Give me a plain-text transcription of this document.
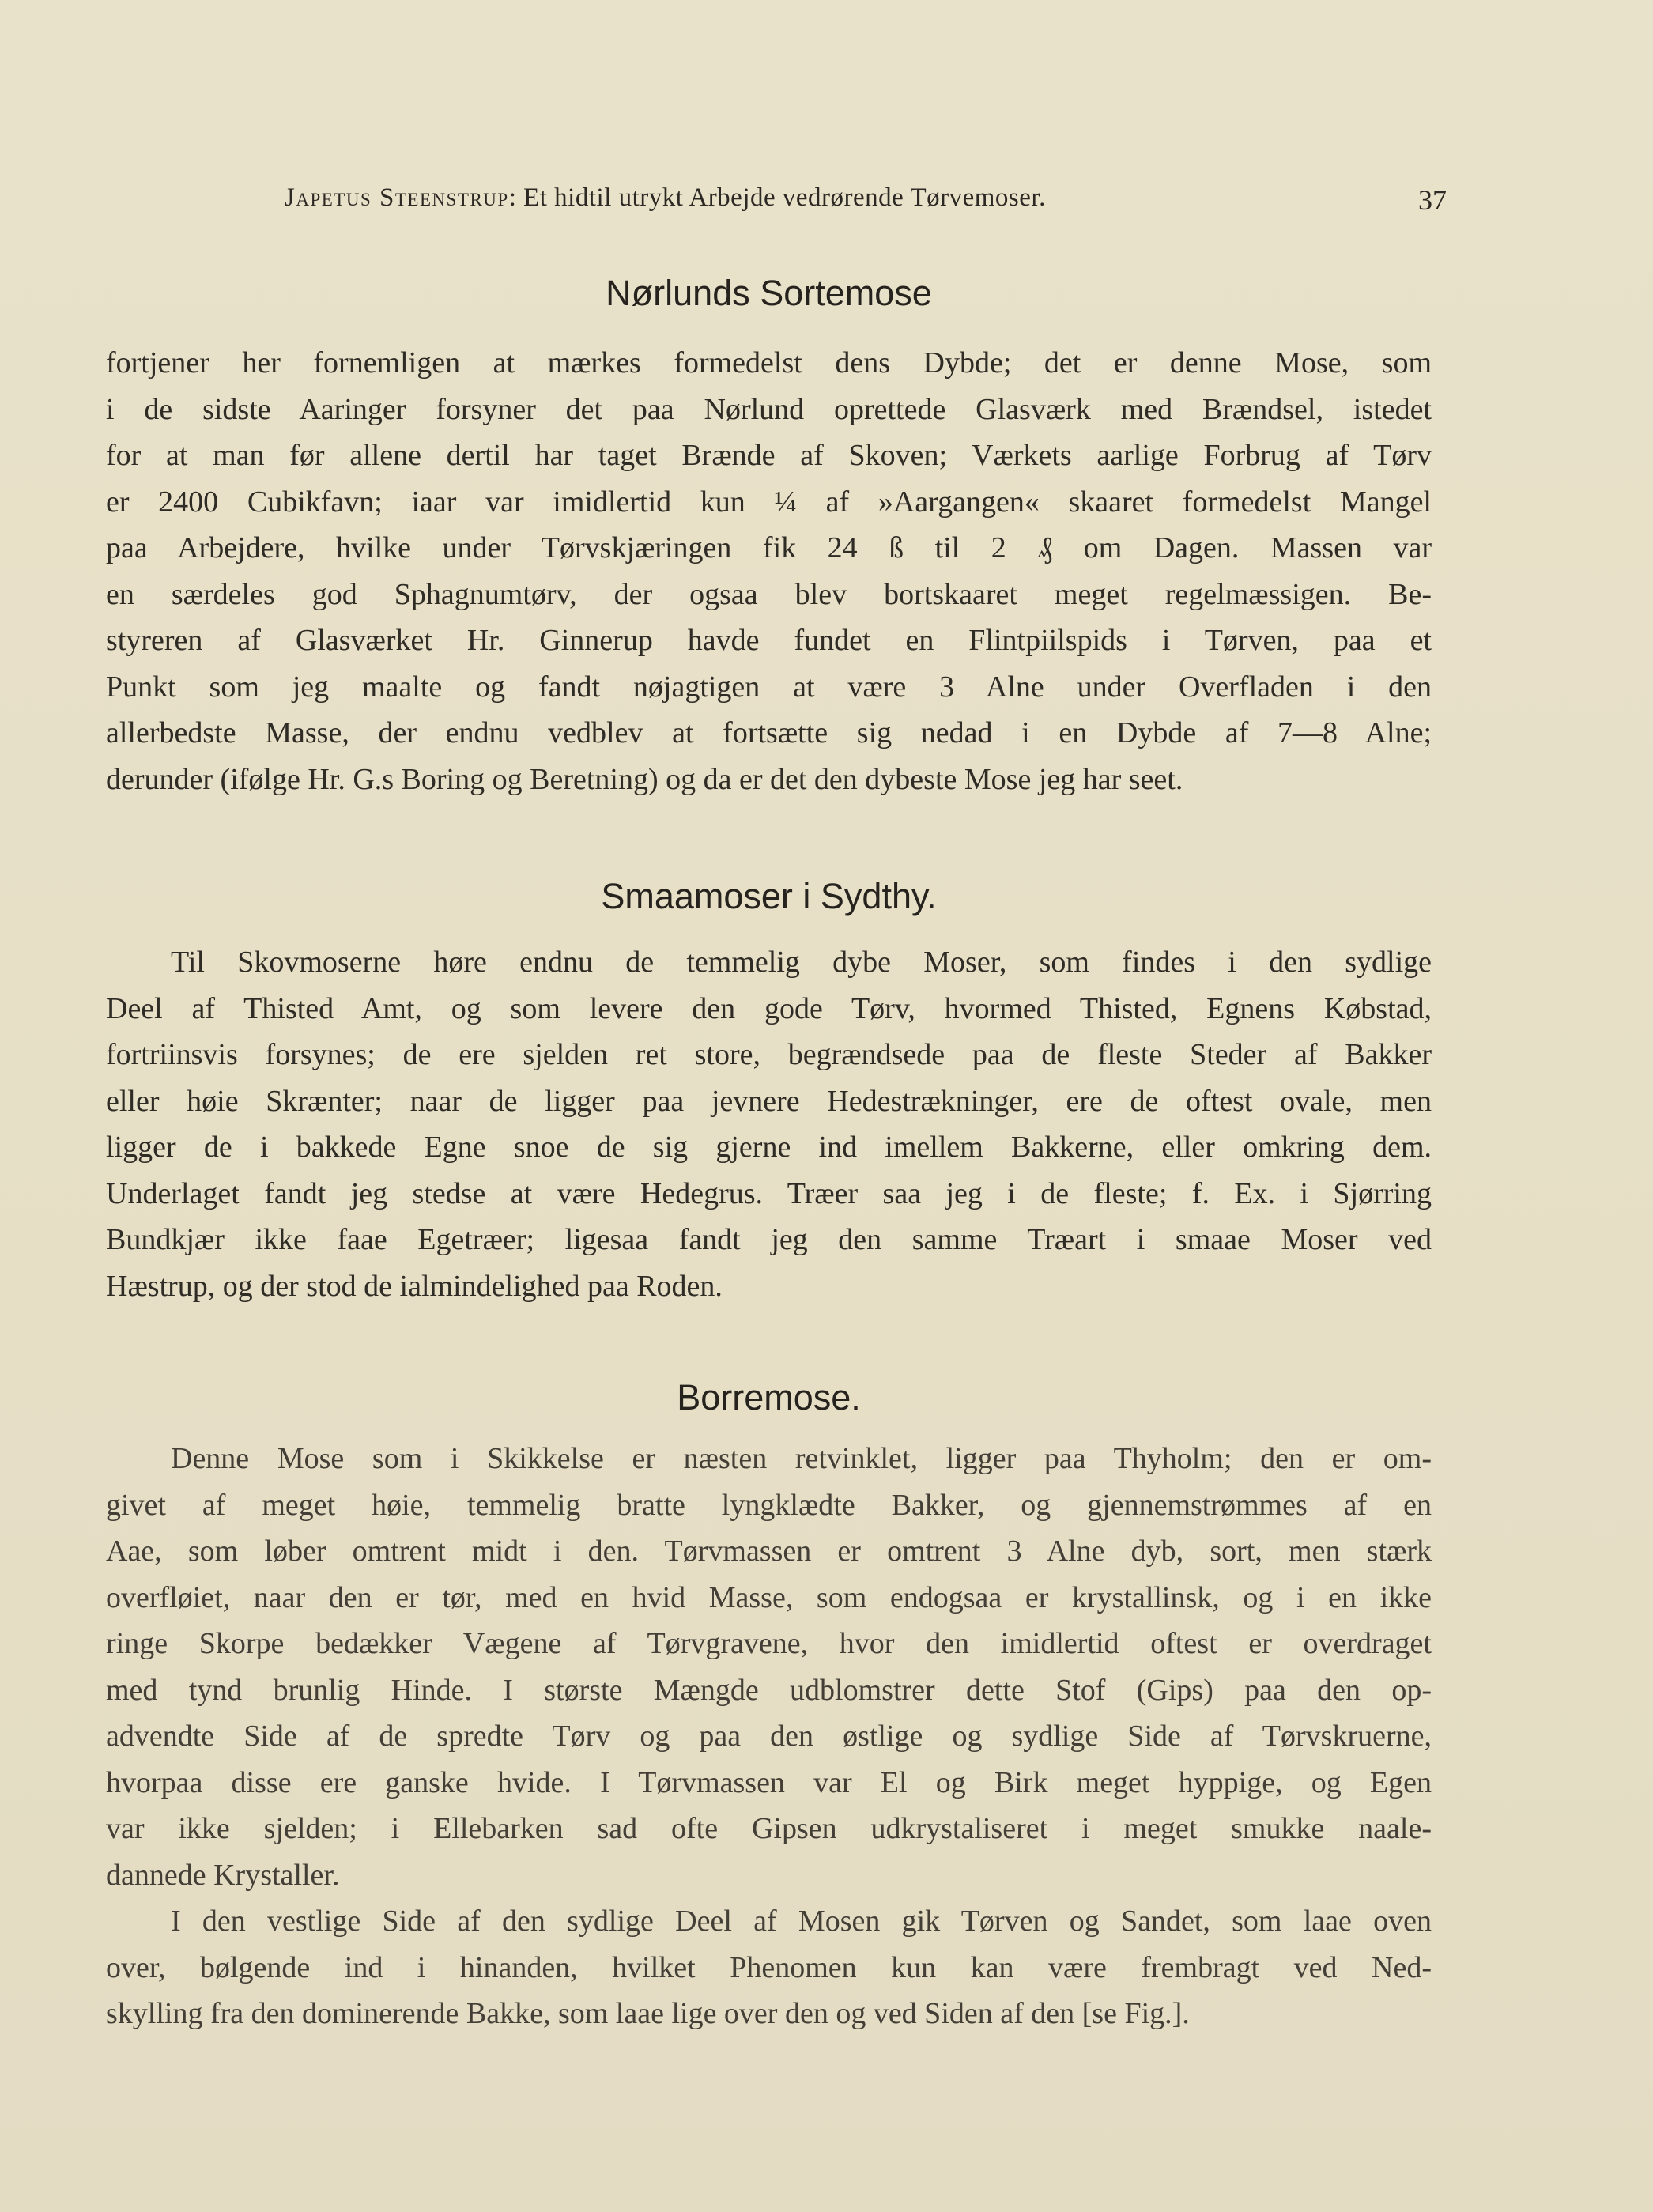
Japetus Steenstrup: Et hidtil utrykt Arbejde vedrørende Tørvemoser.	37
Nørlunds Sortemose
fortjener her fornemligen at mærkes formedelst dens Dybde; det er denne Mose, som
i de sidste Aaringer forsyner det paa Nørlund oprettede Glasværk med Brændsel, istedet
for at man før allene dertil har taget Brænde af Skoven; Værkets aarlige Forbrug af Tørv
er 2400 Cubikfavn; iaar var imidlertid kun ¼ af »Aargangen« skaaret formedelst Mangel
paa Arbejdere, hvilke under Tørvskjæringen fik 24 ß til 2 ₰ om Dagen. Massen var
en særdeles god Sphagnumtørv, der ogsaa blev bortskaaret meget regelmæssigen. Be-
styreren af Glasværket Hr. Ginnerup havde fundet en Flintpiilspids i Tørven, paa et
Punkt som jeg maalte og fandt nøjagtigen at være 3 Alne under Overfladen i den
allerbedste Masse, der endnu vedblev at fortsætte sig nedad i en Dybde af 7—8 Alne;
derunder (ifølge Hr. G.s Boring og Beretning) og da er det den dybeste Mose jeg har seet.
Smaamoser i Sydthy.
Til Skovmoserne høre endnu de temmelig dybe Moser, som findes i den sydlige
Deel af Thisted Amt, og som levere den gode Tørv, hvormed Thisted, Egnens Købstad,
fortriinsvis forsynes; de ere sjelden ret store, begrændsede paa de fleste Steder af Bakker
eller høie Skrænter; naar de ligger paa jevnere Hedestrækninger, ere de oftest ovale, men
ligger de i bakkede Egne snoe de sig gjerne ind imellem Bakkerne, eller omkring dem.
Underlaget fandt jeg stedse at være Hedegrus. Træer saa jeg i de fleste; f. Ex. i Sjørring
Bundkjær ikke faae Egetræer; ligesaa fandt jeg den samme Træart i smaae Moser ved
Hæstrup, og der stod de ialmindelighed paa Roden.
Borremose.
Denne Mose som i Skikkelse er næsten retvinklet, ligger paa Thyholm; den er om-
givet af meget høie, temmelig bratte lyngklædte Bakker, og gjennemstrømmes af en
Aae, som løber omtrent midt i den. Tørvmassen er omtrent 3 Alne dyb, sort, men stærk
overfløiet, naar den er tør, med en hvid Masse, som endogsaa er krystallinsk, og i en ikke
ringe Skorpe bedækker Vægene af Tørvgravene, hvor den imidlertid oftest er overdraget
med tynd brunlig Hinde. I største Mængde udblomstrer dette Stof (Gips) paa den op-
advendte Side af de spredte Tørv og paa den østlige og sydlige Side af Tørvskruerne,
hvorpaa disse ere ganske hvide. I Tørvmassen var El og Birk meget hyppige, og Egen
var ikke sjelden; i Ellebarken sad ofte Gipsen udkrystaliseret i meget smukke naale-
dannede Krystaller.
I den vestlige Side af den sydlige Deel af Mosen gik Tørven og Sandet, som laae oven
over, bølgende ind i hinanden, hvilket Phenomen kun kan være frembragt ved Ned-
skylling fra den dominerende Bakke, som laae lige over den og ved Siden af den [se Fig.].
